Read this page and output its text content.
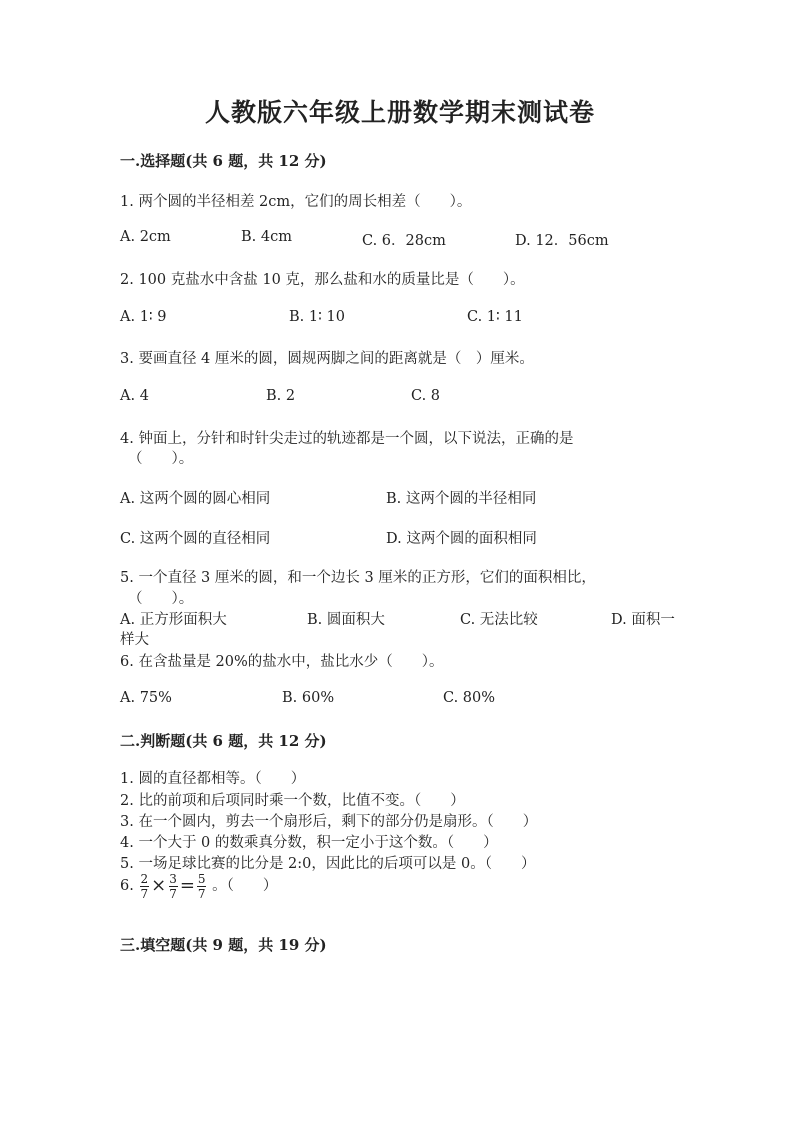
人教版六年级上册数学期末测试卷
一.选择题(共 6 题，共 12 分)
1. 两个圆的半径相差 2cm，它们的周长相差（　　）。
A. 2cm	B. 4cm	C. 6．28cm	D. 12．56cm
2. 100 克盐水中含盐 10 克，那么盐和水的质量比是（　　）。
A. 1∶ 9	B. 1∶ 10	C. 1∶ 11
3. 要画直径 4 厘米的圆，圆规两脚之间的距离就是（　）厘米。
A. 4	B. 2	C. 8
4. 钟面上，分针和时针尖走过的轨迹都是一个圆，以下说法，正确的是
（　　）。
A. 这两个圆的圆心相同	B. 这两个圆的半径相同
C. 这两个圆的直径相同	D. 这两个圆的面积相同
5. 一个直径 3 厘米的圆，和一个边长 3 厘米的正方形，它们的面积相比，
（　　）。
A. 正方形面积大	B. 圆面积大	C. 无法比较	D. 面积一
样大
6. 在含盐量是 20%的盐水中，盐比水少（　　）。
A. 75%	B. 60%	C. 80%
二.判断题(共 6 题，共 12 分)
1. 圆的直径都相等。（　　）
2. 比的前项和后项同时乘一个数，比值不变。（　　）
3. 在一个圆内，剪去一个扇形后，剩下的部分仍是扇形。（　　）
4. 一个大于 0 的数乘真分数，积一定小于这个数。（　　）
5. 一场足球比赛的比分是 2:0，因此比的后项可以是 0。（　　）
6. $\frac{2}{7} \times \frac{3}{7} = \frac{5}{7}$ 。（　　）
三.填空题(共 9 题，共 19 分)
